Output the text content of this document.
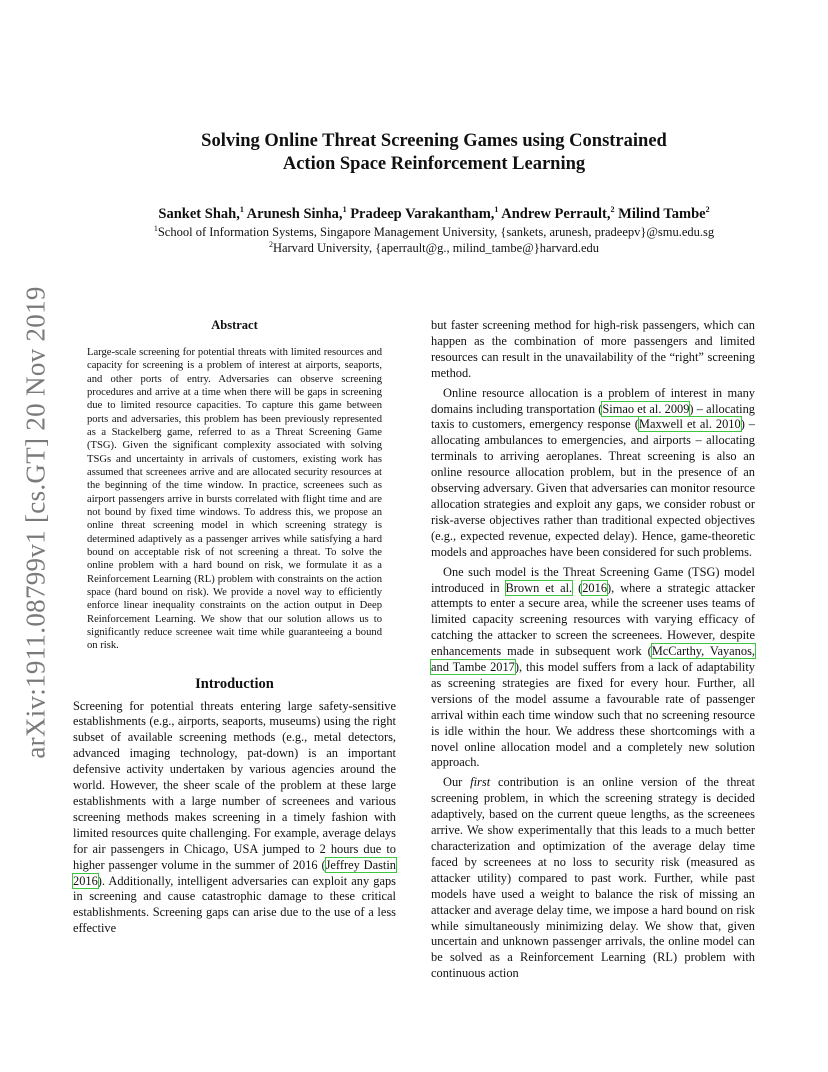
arXiv:1911.08799v1 [cs.GT] 20 Nov 2019
Solving Online Threat Screening Games using Constrained
Action Space Reinforcement Learning
Sanket Shah,$^1$ Arunesh Sinha,$^1$ Pradeep Varakantham,$^1$ Andrew Perrault,$^2$ Milind Tambe$^2$
$^1$School of Information Systems, Singapore Management University, {sankets, arunesh, pradeepv}@smu.edu.sg
$^2$Harvard University, {aperrault@g., milind_tambe@}harvard.edu
Abstract
Large-scale screening for potential threats with limited resources and capacity for screening is a problem of interest at airports, seaports, and other ports of entry. Adversaries can observe screening procedures and arrive at a time when there will be gaps in screening due to limited resource capacities. To capture this game between ports and adversaries, this problem has been previously represented as a Stackelberg game, referred to as a Threat Screening Game (TSG). Given the significant complexity associated with solving TSGs and uncertainty in arrivals of customers, existing work has assumed that screenees arrive and are allocated security resources at the beginning of the time window. In practice, screenees such as airport passengers arrive in bursts correlated with flight time and are not bound by fixed time windows. To address this, we propose an online threat screening model in which screening strategy is determined adaptively as a passenger arrives while satisfying a hard bound on acceptable risk of not screening a threat. To solve the online problem with a hard bound on risk, we formulate it as a Reinforcement Learning (RL) problem with constraints on the action space (hard bound on risk). We provide a novel way to efficiently enforce linear inequality constraints on the action output in Deep Reinforcement Learning. We show that our solution allows us to significantly reduce screenee wait time while guaranteeing a bound on risk.
Introduction

Screening for potential threats entering large safety-sensitive establishments (e.g., airports, seaports, museums) using the right subset of available screening methods (e.g., metal detectors, advanced imaging technology, pat-down) is an important defensive activity undertaken by various agencies around the world. However, the sheer scale of the problem at these large establishments with a large number of screenees and various screening methods makes screening in a timely fashion with limited resources quite challenging. For example, average delays for air passengers in Chicago, USA jumped to 2 hours due to higher passenger volume in the summer of 2016 (Jeffrey Dastin 2016). Additionally, intelligent adversaries can exploit any gaps in screening and cause catastrophic damage to these critical establishments. Screening gaps can arise due to the use of a less effective

but faster screening method for high-risk passengers, which can happen as the combination of more passengers and limited resources can result in the unavailability of the “right” screening method.

Online resource allocation is a problem of interest in many domains including transportation (Simao et al. 2009) – allocating taxis to customers, emergency response (Maxwell et al. 2010) – allocating ambulances to emergencies, and airports – allocating terminals to arriving aeroplanes. Threat screening is also an online resource allocation problem, but in the presence of an observing adversary. Given that adversaries can monitor resource allocation strategies and exploit any gaps, we consider robust or risk-averse objectives rather than traditional expected objectives (e.g., expected revenue, expected delay). Hence, game-theoretic models and approaches have been considered for such problems.

One such model is the Threat Screening Game (TSG) model introduced in Brown et al. (2016), where a strategic attacker attempts to enter a secure area, while the screener uses teams of limited capacity screening resources with varying efficacy of catching the attacker to screen the screenees. However, despite enhancements made in subsequent work (McCarthy, Vayanos, and Tambe 2017), this model suffers from a lack of adaptability as screening strategies are fixed for every hour. Further, all versions of the model assume a favourable rate of passenger arrival within each time window such that no screening resource is idle within the hour. We address these shortcomings with a novel online allocation model and a completely new solution approach.

Our first contribution is an online version of the threat screening problem, in which the screening strategy is decided adaptively, based on the current queue lengths, as the screenees arrive. We show experimentally that this leads to a much better characterization and optimization of the average delay time faced by screenees at no loss to security risk (measured as attacker utility) compared to past work. Further, while past models have used a weight to balance the risk of missing an attacker and average delay time, we impose a hard bound on risk while simultaneously minimizing delay. We show that, given uncertain and unknown passenger arrivals, the online model can be solved as a Reinforcement Learning (RL) problem with continuous action
